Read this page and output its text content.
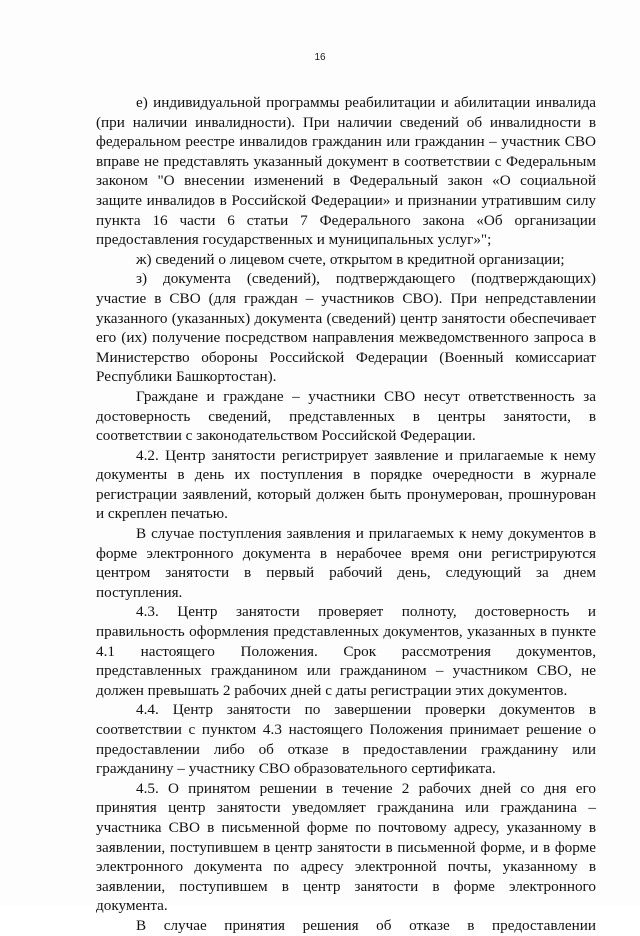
16

е) индивидуальной программы реабилитации и абилитации инвалида (при наличии инвалидности). При наличии сведений об инвалидности в федеральном реестре инвалидов гражданин или гражданин – участник СВО вправе не представлять указанный документ в соответствии с Федеральным законом "О внесении изменений в Федеральный закон «О социальной защите инвалидов в Российской Федерации» и признании утратившим силу пункта 16 части 6 статьи 7 Федерального закона «Об организации предоставления государственных и муниципальных услуг»";

ж) сведений о лицевом счете, открытом в кредитной организации;

з) документа (сведений), подтверждающего (подтверждающих) участие в СВО (для граждан – участников СВО). При непредставлении указанного (указанных) документа (сведений) центр занятости обеспечивает его (их) получение посредством направления межведомственного запроса в Министерство обороны Российской Федерации (Военный комиссариат Республики Башкортостан).

Граждане и граждане – участники СВО несут ответственность за достоверность сведений, представленных в центры занятости, в соответствии с законодательством Российской Федерации.

4.2. Центр занятости регистрирует заявление и прилагаемые к нему документы в день их поступления в порядке очередности в журнале регистрации заявлений, который должен быть пронумерован, прошнурован и скреплен печатью.

В случае поступления заявления и прилагаемых к нему документов в форме электронного документа в нерабочее время они регистрируются центром занятости в первый рабочий день, следующий за днем поступления.

4.3. Центр занятости проверяет полноту, достоверность и правильность оформления представленных документов, указанных в пункте 4.1 настоящего Положения. Срок рассмотрения документов, представленных гражданином или гражданином – участником СВО, не должен превышать 2 рабочих дней с даты регистрации этих документов.

4.4. Центр занятости по завершении проверки документов в соответствии с пунктом 4.3 настоящего Положения принимает решение о предоставлении либо об отказе в предоставлении гражданину или гражданину – участнику СВО образовательного сертификата.

4.5. О принятом решении в течение 2 рабочих дней со дня его принятия центр занятости уведомляет гражданина или гражданина – участника СВО в письменной форме по почтовому адресу, указанному в заявлении, поступившем в центр занятости в письменной форме, и в форме электронного документа по адресу электронной почты, указанному в заявлении, поступившем в центр занятости в форме электронного документа.

В случае принятия решения об отказе в предоставлении
